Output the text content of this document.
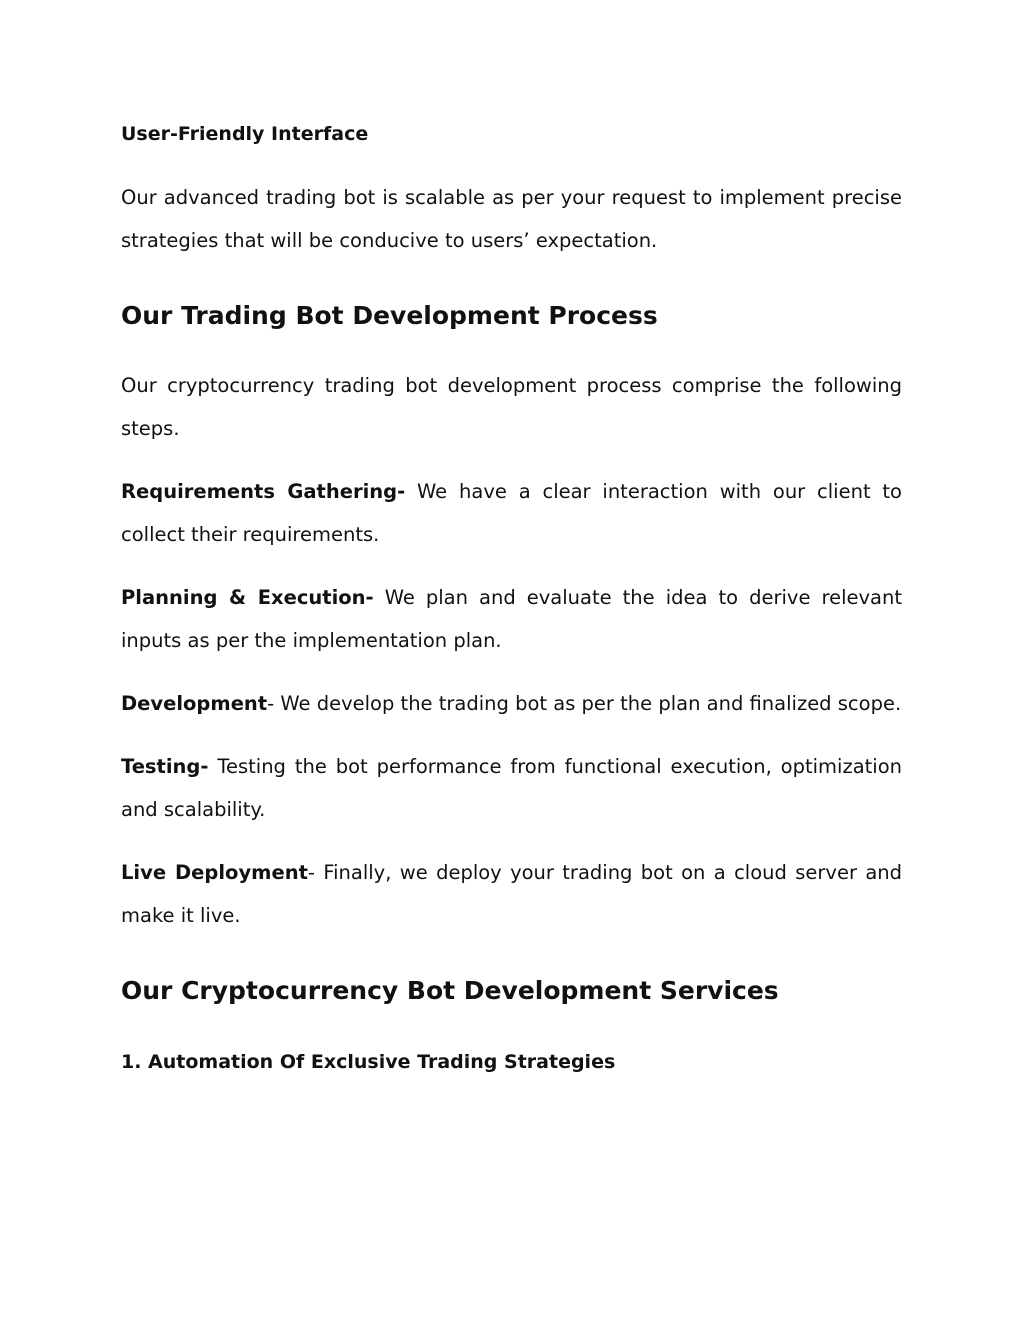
User-Friendly Interface

Our advanced trading bot is scalable as per your request to implement precise strategies that will be conducive to users’ expectation.

Our Trading Bot Development Process

Our cryptocurrency trading bot development process comprise the following steps.

Requirements Gathering- We have a clear interaction with our client to collect their requirements.

Planning & Execution- We plan and evaluate the idea to derive relevant inputs as per the implementation plan.

Development- We develop the trading bot as per the plan and finalized scope.

Testing- Testing the bot performance from functional execution, optimization and scalability.

Live Deployment- Finally, we deploy your trading bot on a cloud server and make it live.

Our Cryptocurrency Bot Development Services
1. Automation Of Exclusive Trading Strategies
